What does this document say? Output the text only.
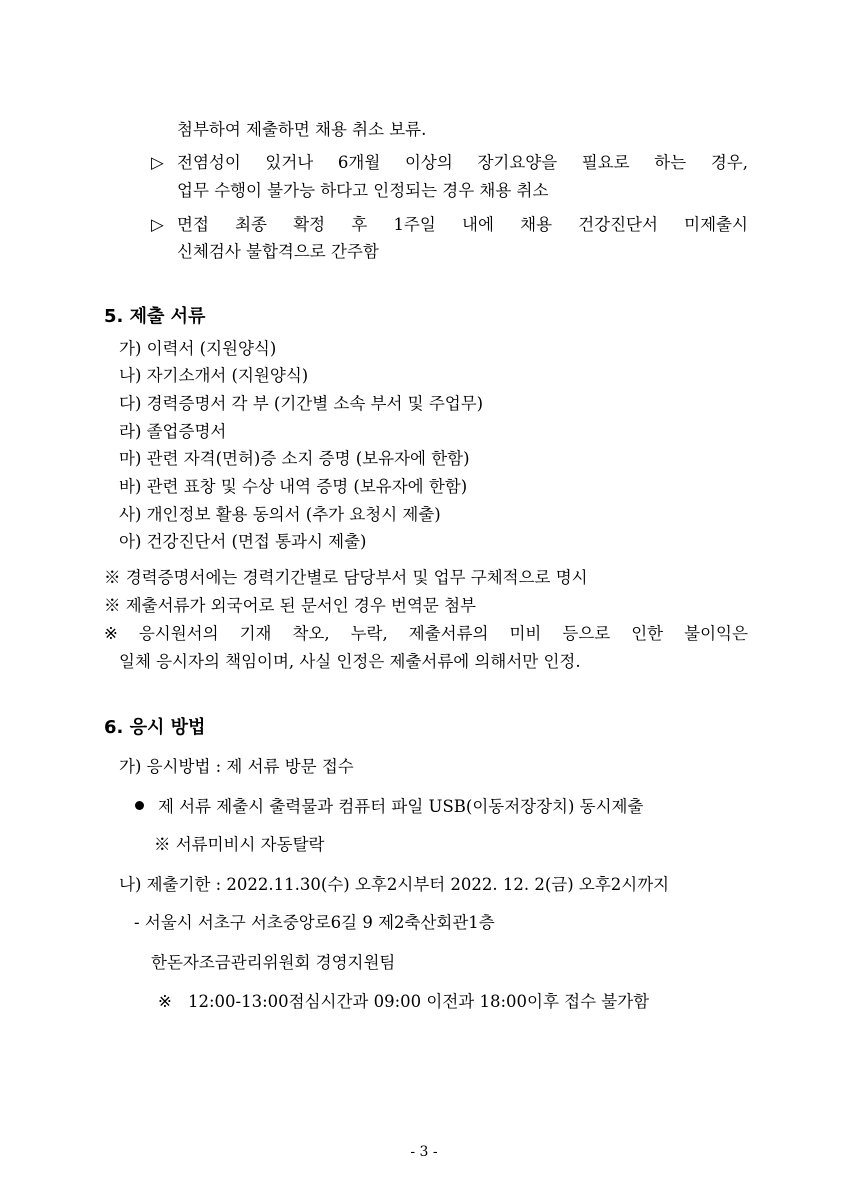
첨부하여 제출하면 채용 취소 보류.
▷ 전염성이 있거나 6개월 이상의 장기요양을 필요로 하는 경우,
업무 수행이 불가능 하다고 인정되는 경우 채용 취소
▷ 면접 최종 확정 후 1주일 내에 채용 건강진단서 미제출시
신체검사 불합격으로 간주함
5. 제출 서류
가) 이력서 (지원양식)
나) 자기소개서 (지원양식)
다) 경력증명서 각 부 (기간별 소속 부서 및 주업무)
라) 졸업증명서
마) 관련 자격(면허)증 소지 증명 (보유자에 한함)
바) 관련 표창 및 수상 내역 증명 (보유자에 한함)
사) 개인정보 활용 동의서 (추가 요청시 제출)
아) 건강진단서 (면접 통과시 제출)
※ 경력증명서에는 경력기간별로 담당부서 및 업무 구체적으로 명시
※ 제출서류가 외국어로 된 문서인 경우 번역문 첨부
※ 응시원서의 기재 착오, 누락, 제출서류의 미비 등으로 인한 불이익은
일체 응시자의 책임이며, 사실 인정은 제출서류에 의해서만 인정.
6. 응시 방법
가) 응시방법 : 제 서류 방문 접수
제 서류 제출시 출력물과 컴퓨터 파일 USB(이동저장장치) 동시제출
※ 서류미비시 자동탈락
나) 제출기한 : 2022.11.30(수) 오후2시부터 2022. 12. 2(금) 오후2시까지
- 서울시 서초구 서초중앙로6길 9 제2축산회관1층
한돈자조금관리위원회 경영지원팀
※ 12:00-13:00점심시간과 09:00 이전과 18:00이후 접수 불가함
- 3 -
